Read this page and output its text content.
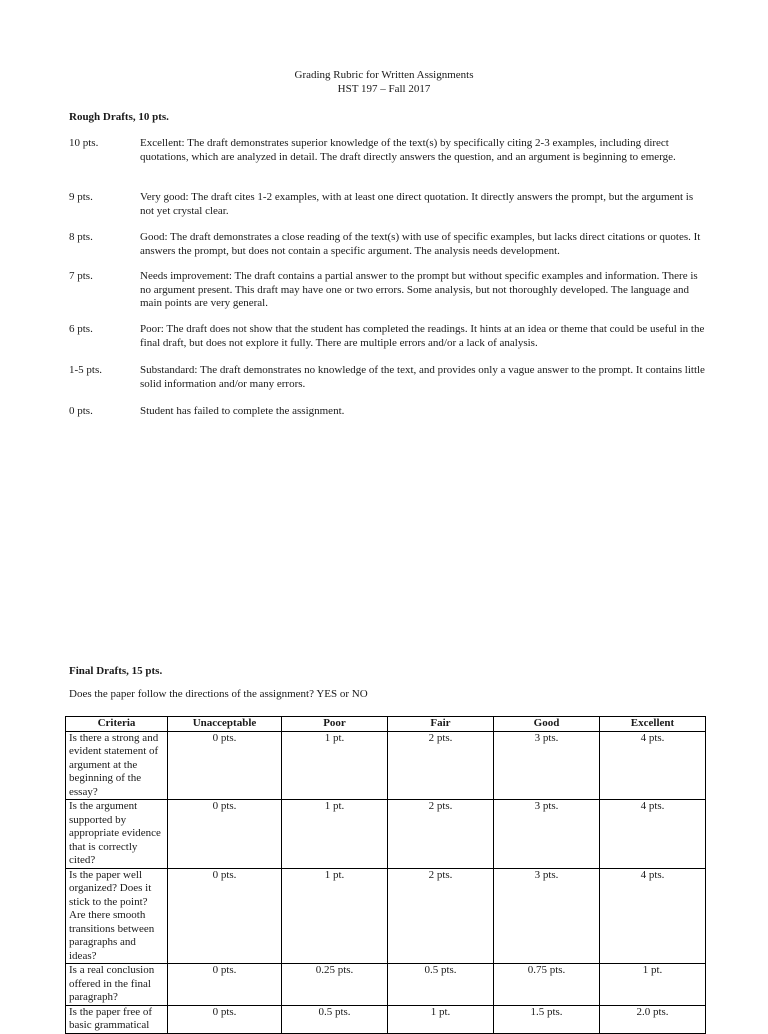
Grading Rubric for Written Assignments
HST 197 – Fall 2017
Rough Drafts, 10 pts.
10 pts.	Excellent: The draft demonstrates superior knowledge of the text(s) by specifically citing 2-3 examples, including direct quotations, which are analyzed in detail. The draft directly answers the question, and an argument is beginning to emerge.
9 pts.	Very good: The draft cites 1-2 examples, with at least one direct quotation. It directly answers the prompt, but the argument is not yet crystal clear.
8 pts.	Good: The draft demonstrates a close reading of the text(s) with use of specific examples, but lacks direct citations or quotes. It answers the prompt, but does not contain a specific argument. The analysis needs development.
7 pts.	Needs improvement: The draft contains a partial answer to the prompt but without specific examples and information. There is no argument present. This draft may have one or two errors. Some analysis, but not thoroughly developed. The language and main points are very general.
6 pts.	Poor: The draft does not show that the student has completed the readings. It hints at an idea or theme that could be useful in the final draft, but does not explore it fully. There are multiple errors and/or a lack of analysis.
1-5 pts.	Substandard: The draft demonstrates no knowledge of the text, and provides only a vague answer to the prompt. It contains little solid information and/or many errors.
0 pts.	Student has failed to complete the assignment.
Final Drafts, 15 pts.
Does the paper follow the directions of the assignment? YES or NO
Criteria	Unacceptable	Poor	Fair	Good	Excellent
Is there a strong and evident statement of argument at the beginning of the essay?	0 pts.	1 pt.	2 pts.	3 pts.	4 pts.
Is the argument supported by appropriate evidence that is correctly cited?	0 pts.	1 pt.	2 pts.	3 pts.	4 pts.
Is the paper well organized? Does it stick to the point? Are there smooth transitions between paragraphs and ideas?	0 pts.	1 pt.	2 pts.	3 pts.	4 pts.
Is a real conclusion offered in the final paragraph?	0 pts.	0.25 pts.	0.5 pts.	0.75 pts.	1 pt.
Is the paper free of basic grammatical	0 pts.	0.5 pts.	1 pt.	1.5 pts.	2.0 pts.
